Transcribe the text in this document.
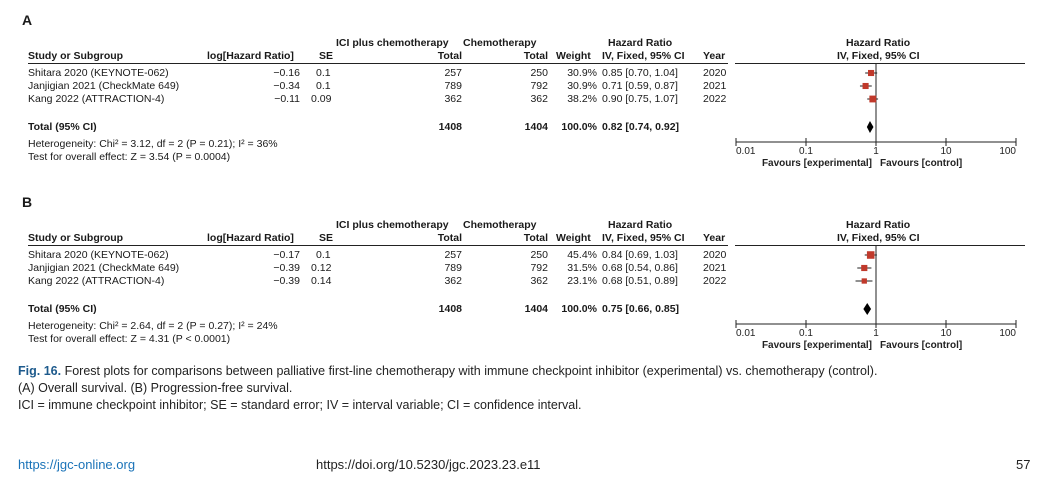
A
ICI plus chemotherapy Chemotherapy	Hazard Ratio	Hazard Ratio
Study or Subgroup	log[Hazard Ratio] SE	Total	Total Weight IV, Fixed, 95% CI Year	IV, Fixed, 95% CI
Shitara 2020 (KEYNOTE-062)	−0.16 0.1	257	250	30.9% 0.85 [0.70, 1.04] 2020
Janjigian 2021 (CheckMate 649)	−0.34 0.1	789	792	30.9% 0.71 [0.59, 0.87] 2021
Kang 2022 (ATTRACTION-4)	−0.11 0.09	362	362	38.2% 0.90 [0.75, 1.07] 2022
Total (95% CI)	1408	1404	100.0% 0.82 [0.74, 0.92]
Heterogeneity: Chi² = 3.12, df = 2 (P = 0.21); I² = 36%
Test for overall effect: Z = 3.54 (P = 0.0004)	0.01	0.1	1	10	100
Favours [experimental] Favours [control]
B
ICI plus chemotherapy Chemotherapy	Hazard Ratio	Hazard Ratio
Study or Subgroup	log[Hazard Ratio] SE	Total	Total Weight IV, Fixed, 95% CI Year	IV, Fixed, 95% CI
Shitara 2020 (KEYNOTE-062)	−0.17 0.1	257	250	45.4% 0.84 [0.69, 1.03] 2020
Janjigian 2021 (CheckMate 649)	−0.39 0.12	789	792	31.5% 0.68 [0.54, 0.86] 2021
Kang 2022 (ATTRACTION-4)	−0.39 0.14	362	362	23.1% 0.68 [0.51, 0.89] 2022
Total (95% CI)	1408	1404	100.0% 0.75 [0.66, 0.85]
Heterogeneity: Chi² = 2.64, df = 2 (P = 0.27); I² = 24%
Test for overall effect: Z = 4.31 (P < 0.0001)	0.01	0.1	1	10	100
Favours [experimental] Favours [control]
Fig. 16. Forest plots for comparisons between palliative first-line chemotherapy with immune checkpoint inhibitor (experimental) vs. chemotherapy (control).
(A) Overall survival. (B) Progression-free survival.
ICI = immune checkpoint inhibitor; SE = standard error; IV = interval variable; CI = confidence interval.
https://jgc-online.org	https://doi.org/10.5230/jgc.2023.23.e11	57
